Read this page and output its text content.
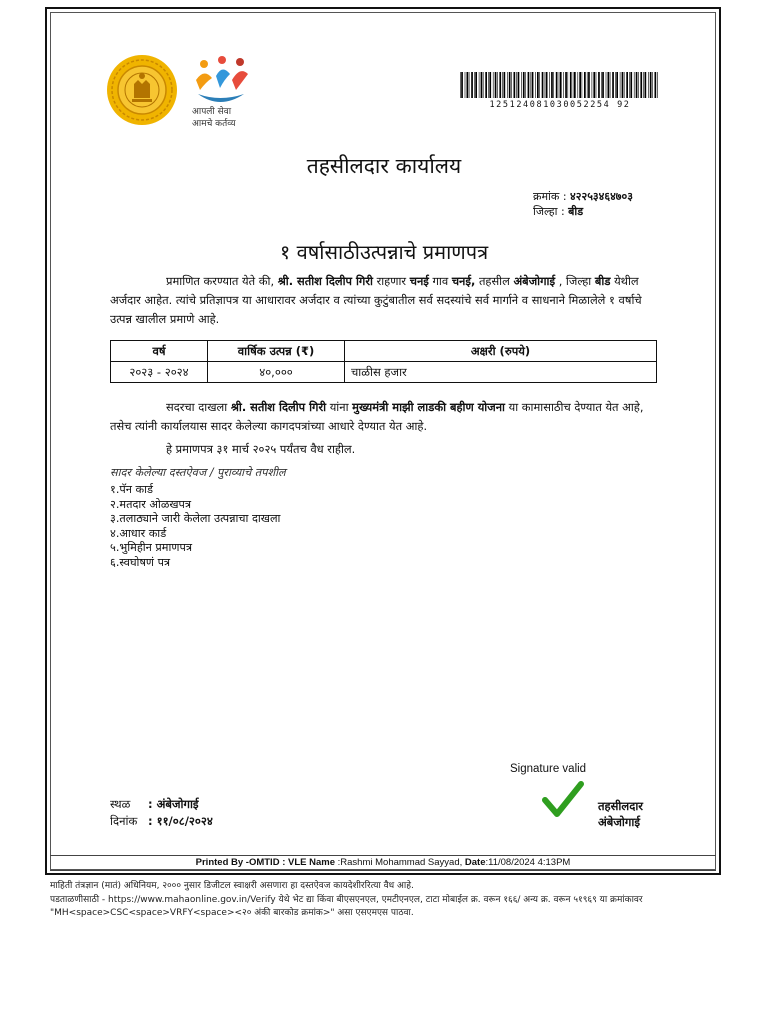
आपली सेवा
आमचे कर्तव्य
125124081030052254 92
तहसीलदार कार्यालय
क्रमांक : ४२२५३४६४७०३
जिल्हा : बीड
१ वर्षासाठीउत्पन्नाचे प्रमाणपत्र
प्रमाणित करण्यात येते की, श्री. सतीश दिलीप गिरी राहणार चनई गाव चनई, तहसील अंबेजोगाई , जिल्हा बीड येथील अर्जदार आहेत. त्यांचे प्रतिज्ञापत्र या आधारावर अर्जदार व त्यांच्या कुटुंबातील सर्व सदस्यांचे सर्व मार्गाने व साधनाने मिळालेले १ वर्षाचे उत्पन्न खालील प्रमाणे आहे.
वर्ष	वार्षिक उत्पन्न (₹)	अक्षरी (रुपये)
२०२३ - २०२४	४०,०००	चाळीस हजार
सदरचा दाखला श्री. सतीश दिलीप गिरी यांना मुख्यमंत्री माझी लाडकी बहीण योजना या कामासाठीच देण्यात येत आहे, तसेच त्यांनी कार्यालयास सादर केलेल्या कागदपत्रांच्या आधारे देण्यात येत आहे.
हे प्रमाणपत्र ३१ मार्च २०२५ पर्यंतच वैध राहील.
सादर केलेल्या दस्तऐवज / पुराव्याचे तपशील
१.पॅन कार्ड
२.मतदार ओळखपत्र
३.तलाठ्याने जारी केलेला उत्पन्नाचा दाखला
४.आधार कार्ड
५.भुमिहीन प्रमाणपत्र
६.स्वघोषणं पत्र
Signature valid
स्थळ : अंबेजोगाई
दिनांक : ११/०८/२०२४
तहसीलदार
अंबेजोगाई
Printed By -OMTID : VLE Name :Rashmi Mohammad Sayyad, Date:11/08/2024 4:13PM
माहिती तंत्रज्ञान (मातं) अधिनियम, २००० नुसार डिजीटल स्वाक्षरी असणारा हा दस्तऐवज कायदेशीररित्या वैध आहे.
पडताळणीसाठी - https://www.mahaonline.gov.in/Verify येथे भेट द्या किंवा बीएसएनएल, एमटीएनएल, टाटा मोबाईल क्र. वरून १६६/ अन्य क्र. वरून ५१९६९ या क्रमांकावर
"MH<space>CSC<space>VRFY<space><२० अंकी बारकोड क्रमांक>" असा एसएमएस पाठवा.
